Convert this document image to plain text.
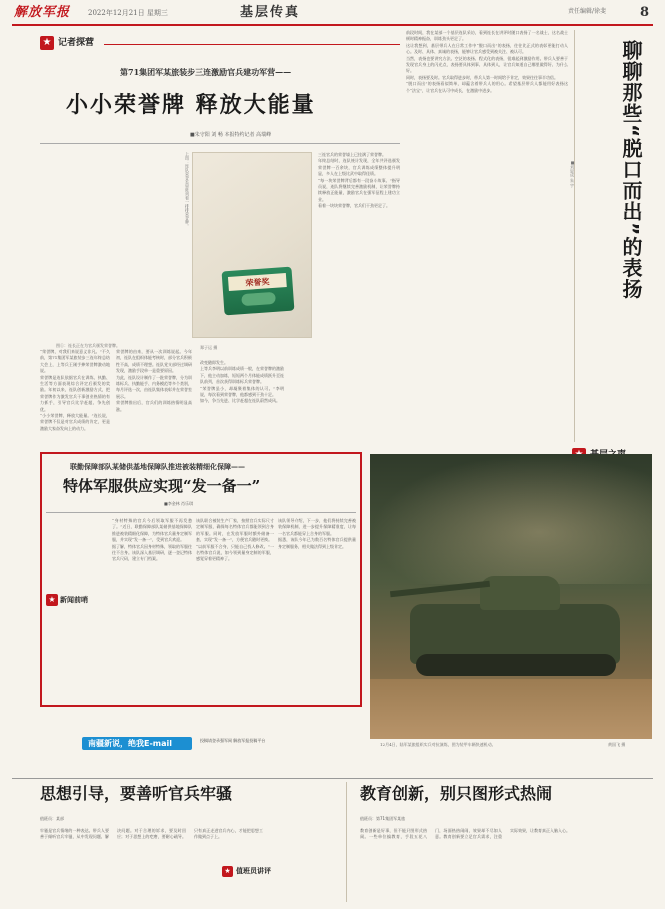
解放军报	2022年12月21日 星期三	基层传真	责任编辑/徐斐	8
★ 记者探营
第71集团军某旅装步三连激励官兵建功军营——
小小荣誉牌 释放大能量
■朱守阳 刘 畅 本报特约记者 高瑞峰
“荣誉牌，对我们来说意义非凡。”不久前，第71集团军某旅装步三连年终总结大会上，上等兵王刚手捧荣誉牌激动地说。
荣誉牌是连队依据官兵在训练、执勤、生活等方面表现综合评定后颁发的奖励。年初以来，连队创新激励方式，把荣誉牌作为激发官兵干事创业热情的有力抓手，引导官兵比学赶超、争先创优。
“小小荣誉牌，释放大能量。”连长说，荣誉牌不仅是对官兵成绩的肯定，更是激励大家奋发向上的动力。
荣誉牌的由来，要从一次训练说起。今年初，连队在组织体能考核时，部分官兵积极性不高，成绩不理想。连队党支部经过调研发现，激励手段单一是重要原因。
为此，连队设计制作了一批荣誉牌，分为训练标兵、执勤能手、内务模范等多个类别，每月评选一次，由连队集体表彰并在荣誉室展示。
荣誉牌推出后，官兵们的训练热情明显高涨。
改变随即发生。
上等兵李明以前训练成绩一般，在荣誉牌的激励下，他主动加练，短短两个月体能成绩跃升至连队前列，首次获得训练标兵荣誉牌。
“荣誉牌虽小，却凝聚着集体的认可。”李明说，每次看到荣誉牌，他都感到干劲十足。
如今，争当先进、比学赶超在连队蔚然成风。
三连官兵的荣誉墙上已挂满了荣誉牌。
年终总结时，连队统计发现，全年共评选颁发荣誉牌一百余块，官兵训练成绩整体提升明显，多人在上级比武中取得佳绩。
“每一块荣誉牌背后都有一段奋斗故事。”指导员说，连队将继续完善激励机制，让荣誉牌持续释放正能量，激励官兵在强军征程上建功立业。
看着一块块荣誉牌，官兵们干劲更足了。
荣誉奖
上图：连队荣誉室里陈列着一排排荣誉牌。
图①：连长正在为官兵颁发荣誉牌。	郑子运 摄
前段时间，我在某部一个基层连队采访，看到连长在讲评时随口表扬了一名战士，这名战士顿时精神振奋，训练劲头更足了。
这让我想到，基层带兵人在日常工作中“脱口而出”的表扬，往往比正式的表彰更能打动人心。及时、具体、真诚的表扬，能够让官兵感受到被关注、被认可。
当然，表扬也要讲究方法。空泛的表扬、程式化的表扬，很难起到激励作用。带兵人要善于发现官兵身上的闪光点，表扬要具体到事、具体到人，让官兵知道自己哪里做得好、为什么好。
同时，表扬要及时。官兵取得进步时，带兵人第一时间给予肯定，效果往往事半功倍。
“脱口而出”的表扬看似简单，却蕴含着带兵人的用心。希望基层带兵人都能用好表扬这个“法宝”，让官兵在认可中成长，在激励中进步。	聊聊那些“脱口而出”的表扬
■刘思成 朱 宇
联勤保障部队某储供基地保障队推进被装精细化保障——
特体军服供应实现“发一备一”
■李金林 肖乐琪
★ 新闻前哨
“身材特殊的官兵今后领取军服不再发愁了。”近日，联勤保障部队某储供基地保障队推进被装精细化保障，为特体官兵量身定制军服，并实现“发一备一”，受到官兵欢迎。
据了解，特体官兵因身材特殊，领取的军服往往不合身。该队深入基层调研，逐一登记特体官兵尺码，建立专门档案。
该队联合被装生产厂家，按照官兵实际尺寸定制军服，确保每名特体官兵都能领到合身的军服。同时，在发放军服时额外储备一套，实现“发一备一”，方便官兵随时更换。
“以前军服不合身，只能自己找人修改。”一名特体官兵说，如今领到量身定制的军服，感觉穿着更精神了。
该队领导介绍，下一步，他们将持续完善被装保障机制，进一步提升保障精准度，让每一名官兵都能穿上合身的军服。
据悉，该队今年已为数百名特体官兵提供量身定制服务，相关做法得到上级肯定。
12月4日，陆军某旅组织实兵对抗演练，图为装甲车辆快速机动。	黄国飞 摄
南疆新说，绝我E-mail	投稿请登录强军网 解放军报投稿平台
思想引导，要善听官兵牢骚	教育创新，别只图形式热闹
值班员：某部
牢骚是官兵情绪的一种表达。带兵人要善于倾听官兵牢骚，从中发现问题、解决问题。对于合理的诉求，要及时回应；对于思想上的疙瘩，要耐心疏导。只有真正走进官兵内心，才能把思想工作做到点子上。
★ 值班员讲评
值班员：第71集团军某旅
教育创新是好事，但不能只图形式热闹。一些单位搞教育，手段五花八门，场面热热闹闹，效果却不尽如人意。教育创新要立足官兵需求，注重实际效果，让教育真正入脑入心。
